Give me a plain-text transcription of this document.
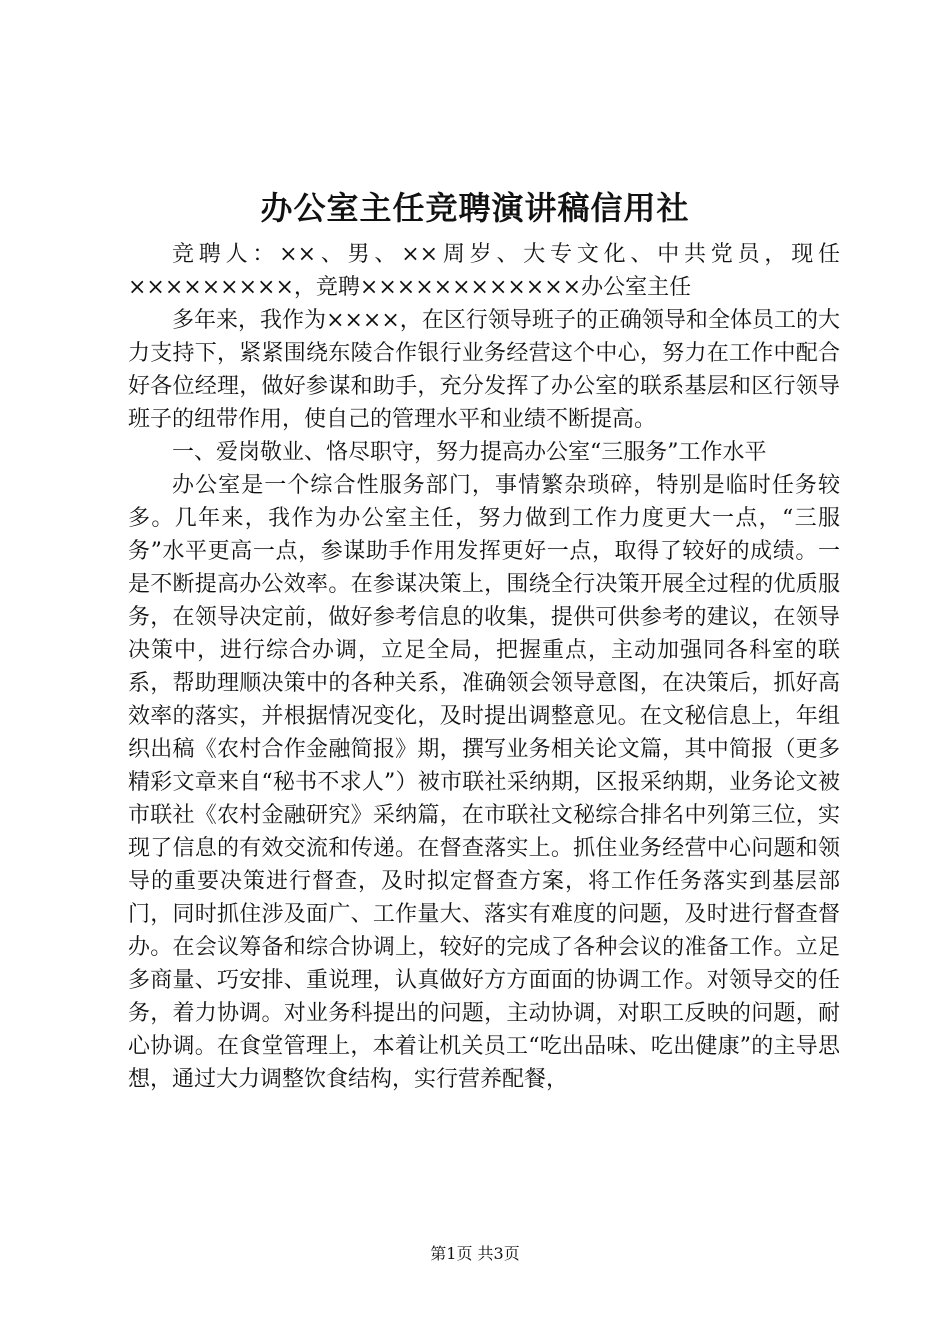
办公室主任竞聘演讲稿信用社

竞聘人：××、男、××周岁、大专文化、中共党员，现任×××××××××，竞聘××××××××××××办公室主任

多年来，我作为××××，在区行领导班子的正确领导和全体员工的大力支持下，紧紧围绕东陵合作银行业务经营这个中心，努力在工作中配合好各位经理，做好参谋和助手，充分发挥了办公室的联系基层和区行领导班子的纽带作用，使自己的管理水平和业绩不断提高。

一、爱岗敬业、恪尽职守，努力提高办公室“三服务”工作水平

办公室是一个综合性服务部门，事情繁杂琐碎，特别是临时任务较多。几年来，我作为办公室主任，努力做到工作力度更大一点，“三服务”水平更高一点，参谋助手作用发挥更好一点，取得了较好的成绩。一是不断提高办公效率。在参谋决策上，围绕全行决策开展全过程的优质服务，在领导决定前，做好参考信息的收集，提供可供参考的建议，在领导决策中，进行综合办调，立足全局，把握重点，主动加强同各科室的联系，帮助理顺决策中的各种关系，准确领会领导意图，在决策后，抓好高效率的落实，并根据情况变化，及时提出调整意见。在文秘信息上，年组织出稿《农村合作金融简报》期，撰写业务相关论文篇，其中简报（更多精彩文章来自“秘书不求人”）被市联社采纳期，区报采纳期，业务论文被市联社《农村金融研究》采纳篇，在市联社文秘综合排名中列第三位，实现了信息的有效交流和传递。在督查落实上。抓住业务经营中心问题和领导的重要决策进行督查，及时拟定督查方案，将工作任务落实到基层部门，同时抓住涉及面广、工作量大、落实有难度的问题，及时进行督查督办。在会议筹备和综合协调上，较好的完成了各种会议的准备工作。立足多商量、巧安排、重说理，认真做好方方面面的协调工作。对领导交的任务，着力协调。对业务科提出的问题，主动协调，对职工反映的问题，耐心协调。在食堂管理上，本着让机关员工“吃出品味、吃出健康”的主导思想，通过大力调整饮食结构，实行营养配餐，

第1页 共3页
